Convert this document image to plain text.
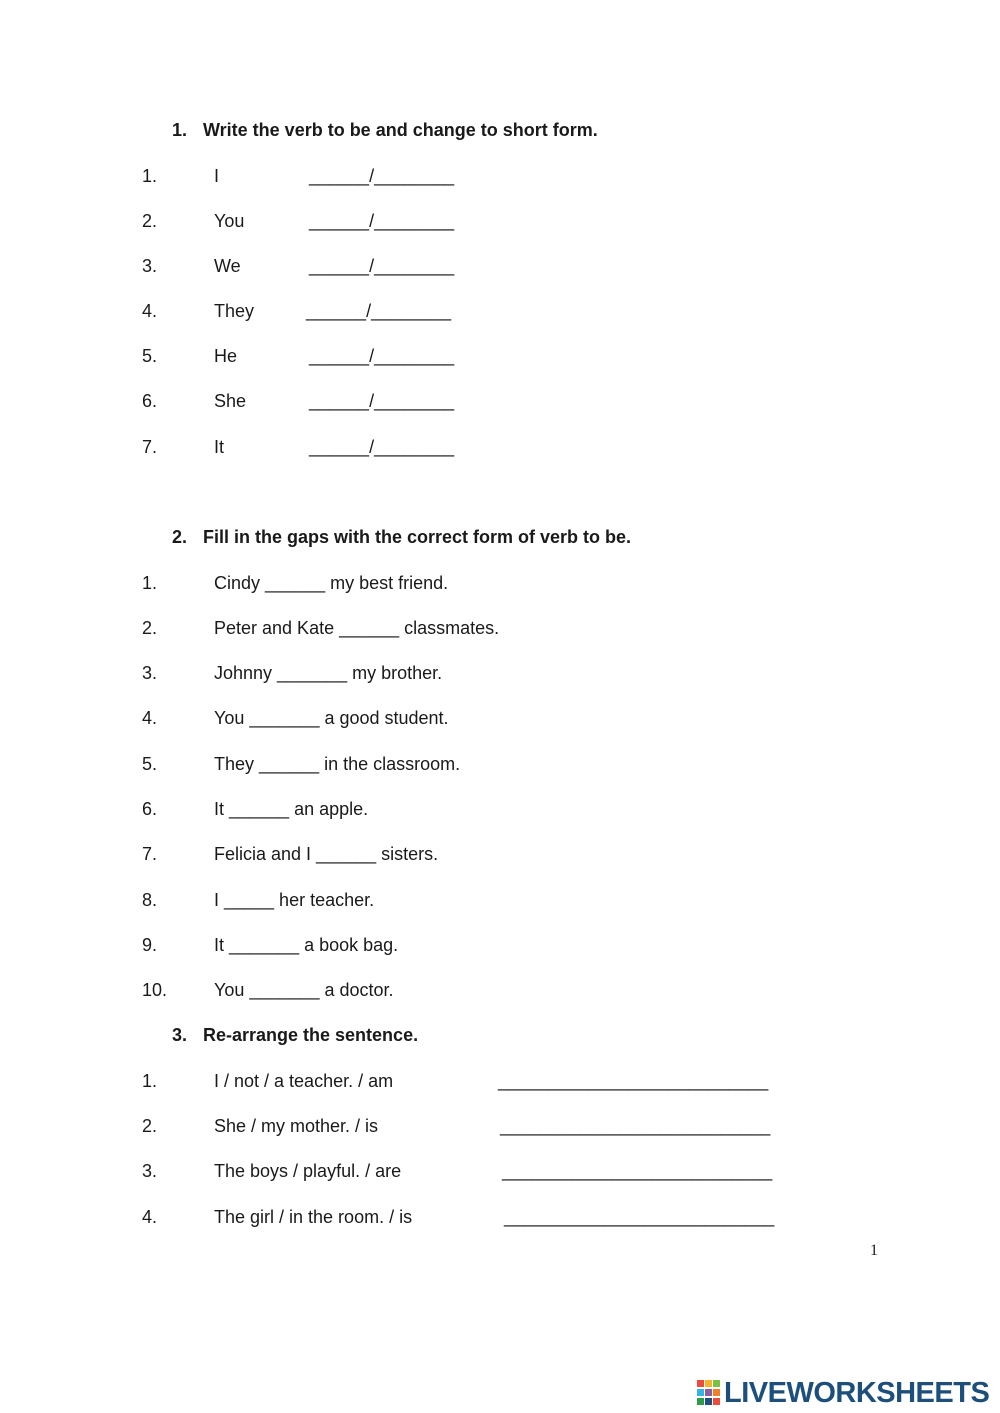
1. Write the verb to be and change to short form.
1.	I	______/________
2.	You	______/________
3.	We	______/________
4.	They	______/________
5.	He	______/________
6.	She	______/________
7.	It	______/________
2. Fill in the gaps with the correct form of verb to be.
1.	Cindy ______ my best friend.
2.	Peter and Kate ______ classmates.
3.	Johnny _______ my brother.
4.	You _______ a good student.
5.	They ______ in the classroom.
6.	It ______ an apple.
7.	Felicia and I ______ sisters.
8.	I _____ her teacher.
9.	It _______ a book bag.
10.	You _______ a doctor.
3. Re-arrange the sentence.
1.	I / not / a teacher. / am	___________________________
2.	She / my mother. / is	___________________________
3.	The boys / playful. / are	___________________________
4.	The girl / in the room. / is	___________________________
1
LIVEWORKSHEETS
